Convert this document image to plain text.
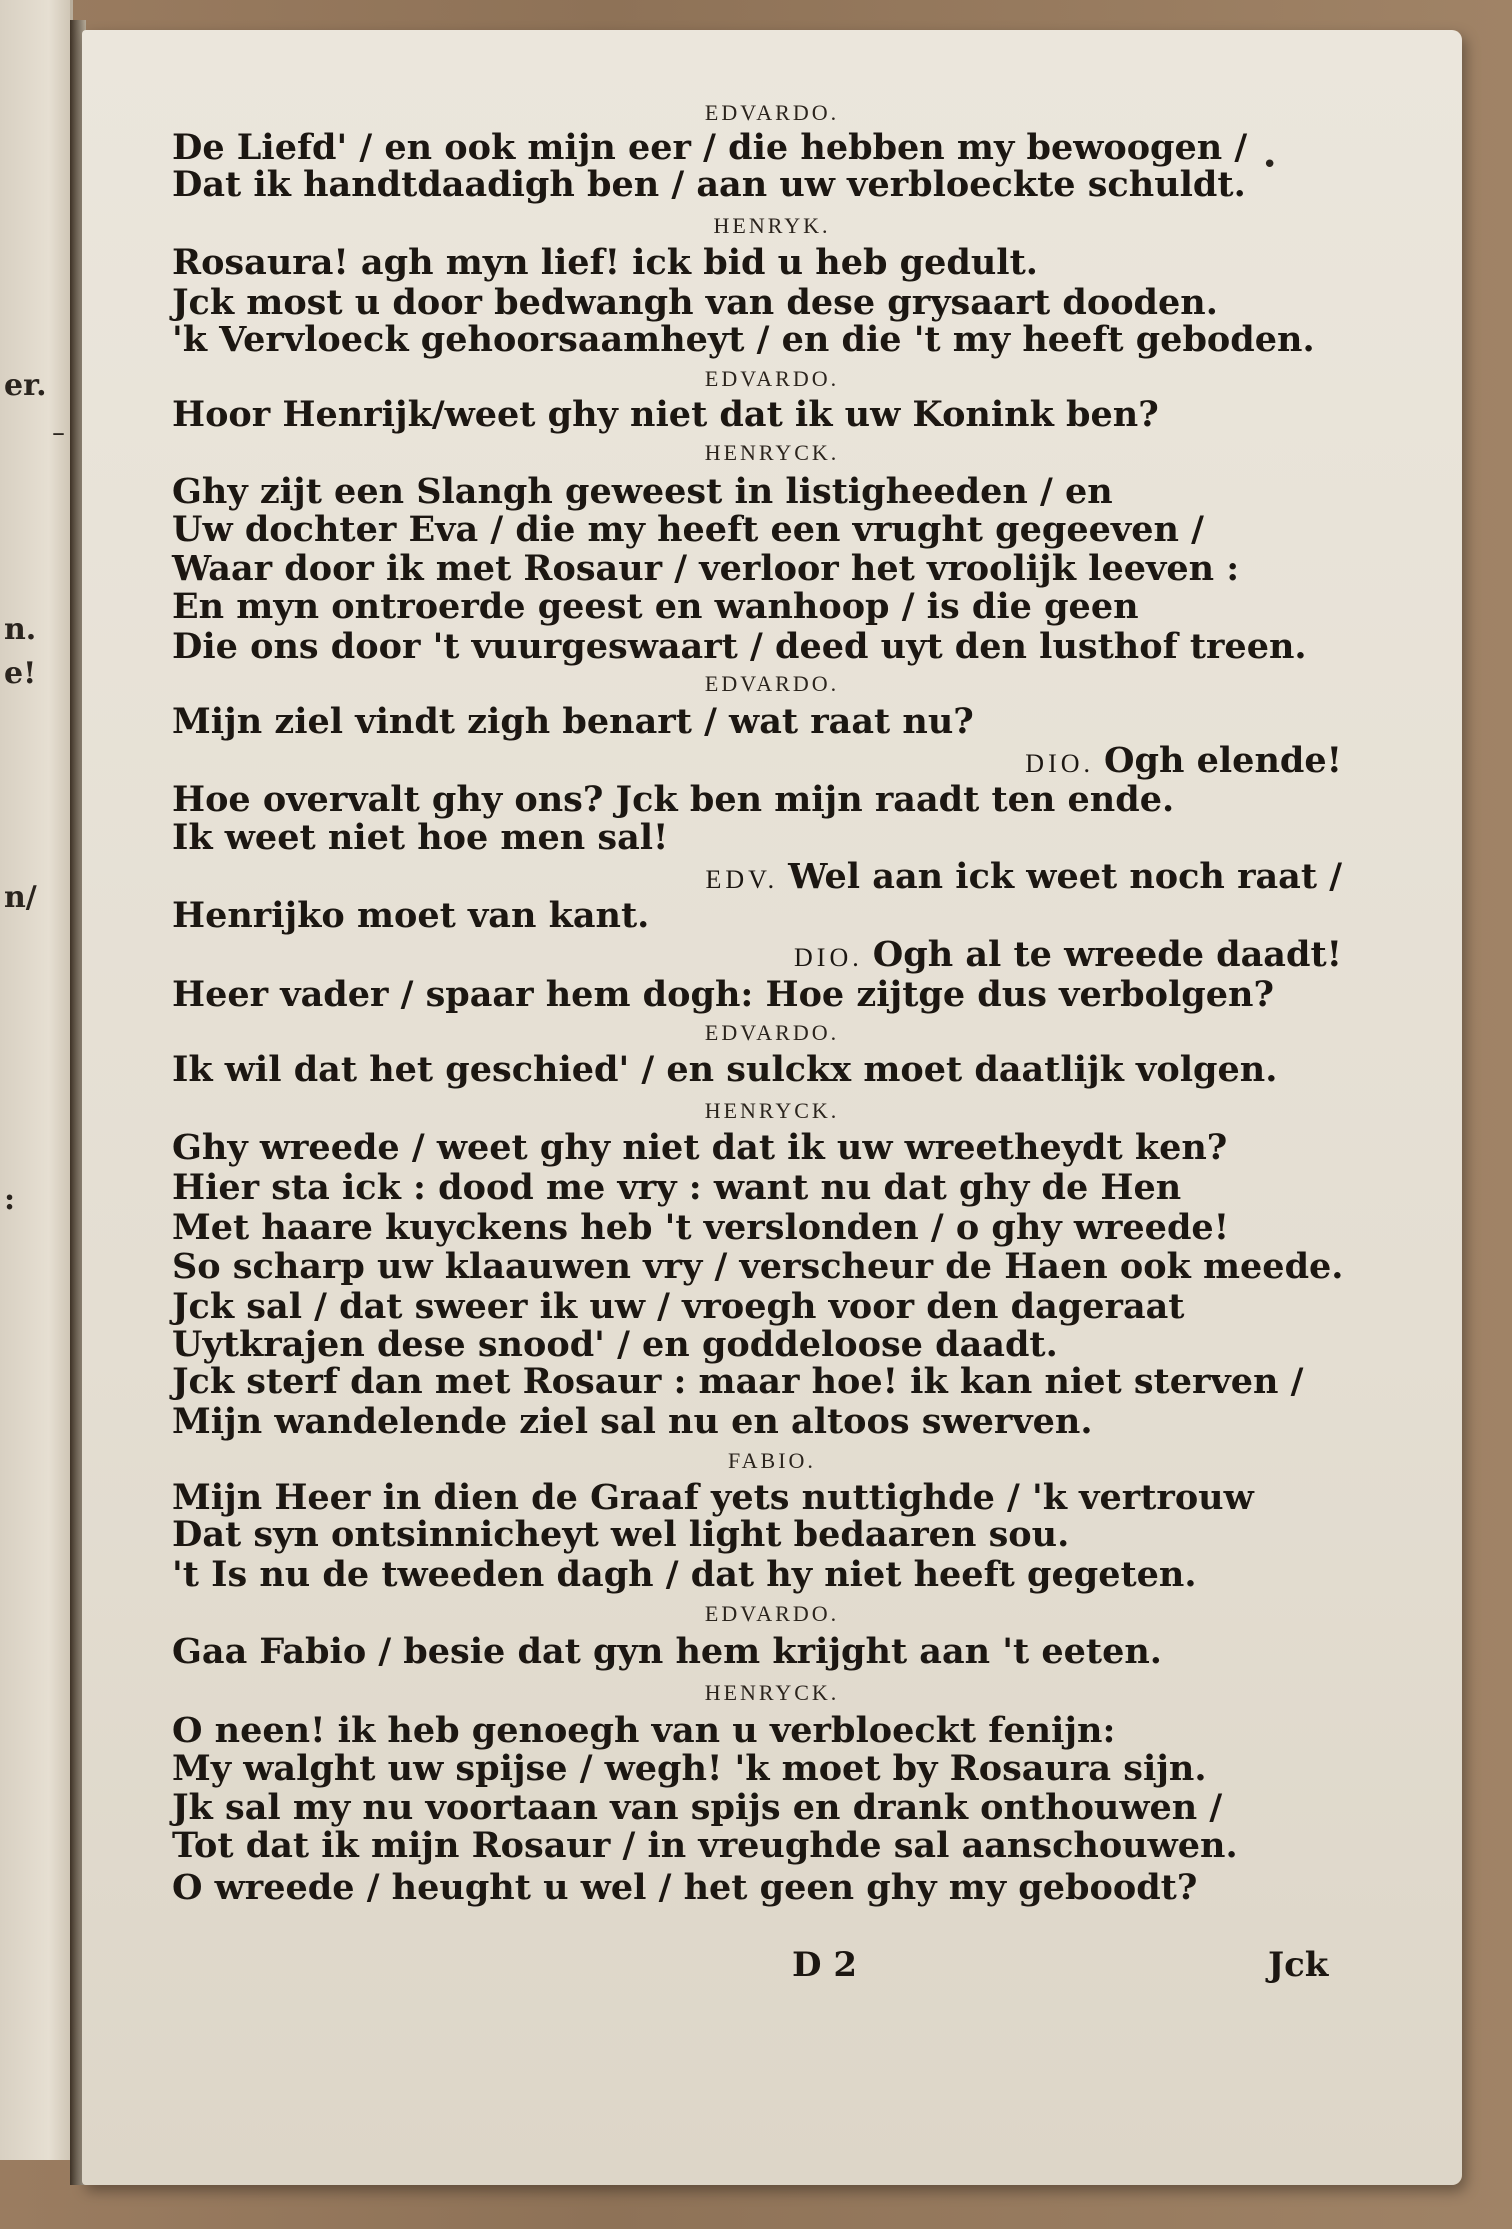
er.
n.
e!
n/
:
EDVARDO.
De Liefd' / en ook mijn eer / die hebben my bewoogen /
Dat ik handtdaadigh ben / aan uw verbloeckte schuldt.
HENRYK.
Rosaura! agh myn lief! ick bid u heb gedult.
Jck most u door bedwangh van dese grysaart dooden.
'k Vervloeck gehoorsaamheyt / en die 't my heeft geboden.
EDVARDO.
Hoor Henrijk/weet ghy niet dat ik uw Konink ben?
HENRYCK.
Ghy zijt een Slangh geweest in listigheeden / en
Uw dochter Eva / die my heeft een vrught gegeeven /
Waar door ik met Rosaur / verloor het vroolijk leeven :
En myn ontroerde geest en wanhoop / is die geen
Die ons door 't vuurgeswaart / deed uyt den lusthof treen.
EDVARDO.
Mijn ziel vindt zigh benart / wat raat nu?
DIO. Ogh elende!
Hoe overvalt ghy ons? Jck ben mijn raadt ten ende.
Ik weet niet hoe men sal!
EDV. Wel aan ick weet noch raat /
Henrijko moet van kant.
DIO. Ogh al te wreede daadt!
Heer vader / spaar hem dogh: Hoe zijtge dus verbolgen?
EDVARDO.
Ik wil dat het geschied' / en sulckx moet daatlijk volgen.
HENRYCK.
Ghy wreede / weet ghy niet dat ik uw wreetheydt ken?
Hier sta ick : dood me vry : want nu dat ghy de Hen
Met haare kuyckens heb 't verslonden / o ghy wreede!
So scharp uw klaauwen vry / verscheur de Haen ook meede.
Jck sal / dat sweer ik uw / vroegh voor den dageraat
Uytkrajen dese snood' / en goddeloose daadt.
Jck sterf dan met Rosaur : maar hoe! ik kan niet sterven /
Mijn wandelende ziel sal nu en altoos swerven.
FABIO.
Mijn Heer in dien de Graaf yets nuttighde / 'k vertrouw
Dat syn ontsinnicheyt wel light bedaaren sou.
't Is nu de tweeden dagh / dat hy niet heeft gegeten.
EDVARDO.
Gaa Fabio / besie dat gyn hem krijght aan 't eeten.
HENRYCK.
O neen! ik heb genoegh van u verbloeckt fenijn:
My walght uw spijse / wegh! 'k moet by Rosaura sijn.
Jk sal my nu voortaan van spijs en drank onthouwen /
Tot dat ik mijn Rosaur / in vreughde sal aanschouwen.
O wreede / heught u wel / het geen ghy my geboodt?
•
–
D 2	Jck
